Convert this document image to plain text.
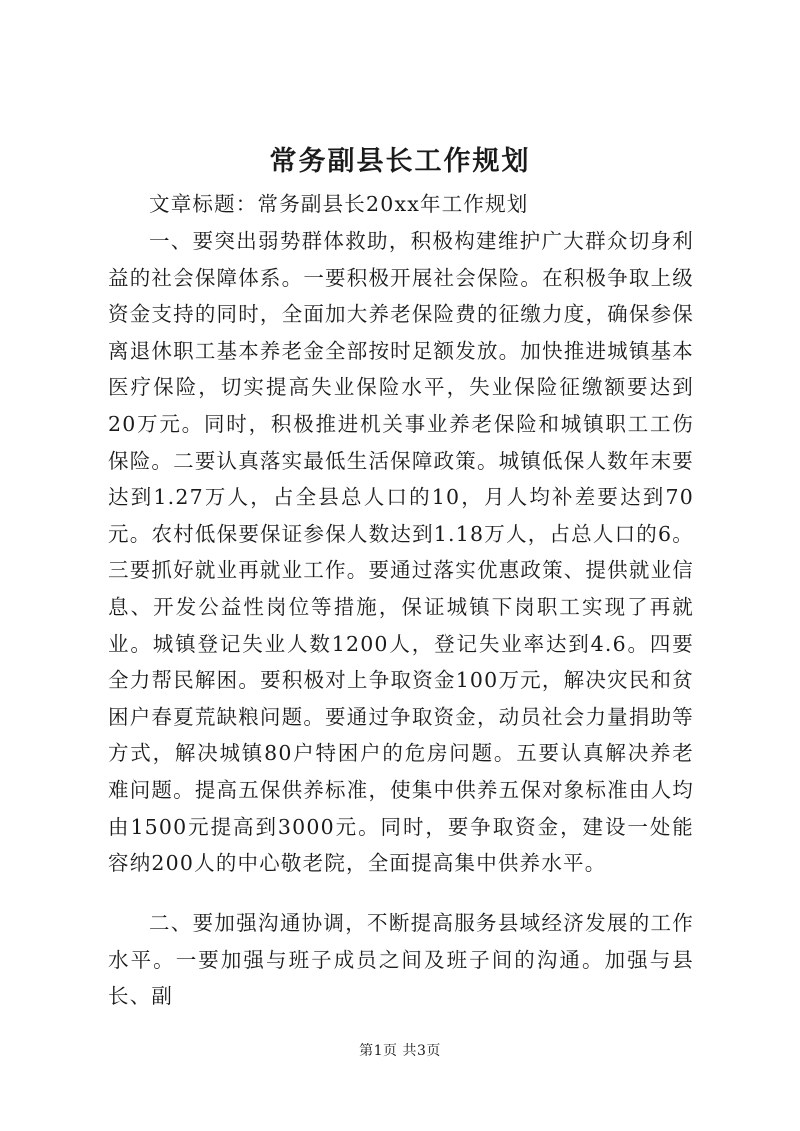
常务副县长工作规划

文章标题：常务副县长20xx年工作规划

一、要突出弱势群体救助，积极构建维护广大群众切身利益的社会保障体系。一要积极开展社会保险。在积极争取上级资金支持的同时，全面加大养老保险费的征缴力度，确保参保离退休职工基本养老金全部按时足额发放。加快推进城镇基本医疗保险，切实提高失业保险水平，失业保险征缴额要达到20万元。同时，积极推进机关事业养老保险和城镇职工工伤保险。二要认真落实最低生活保障政策。城镇低保人数年末要达到1.27万人，占全县总人口的10，月人均补差要达到70元。农村低保要保证参保人数达到1.18万人，占总人口的6。三要抓好就业再就业工作。要通过落实优惠政策、提供就业信息、开发公益性岗位等措施，保证城镇下岗职工实现了再就业。城镇登记失业人数1200人，登记失业率达到4.6。四要全力帮民解困。要积极对上争取资金100万元，解决灾民和贫困户春夏荒缺粮问题。要通过争取资金，动员社会力量捐助等方式，解决城镇80户特困户的危房问题。五要认真解决养老难问题。提高五保供养标准，使集中供养五保对象标准由人均由1500元提高到3000元。同时，要争取资金，建设一处能容纳200人的中心敬老院，全面提高集中供养水平。

二、要加强沟通协调，不断提高服务县域经济发展的工作水平。一要加强与班子成员之间及班子间的沟通。加强与县长、副

第1页 共3页
